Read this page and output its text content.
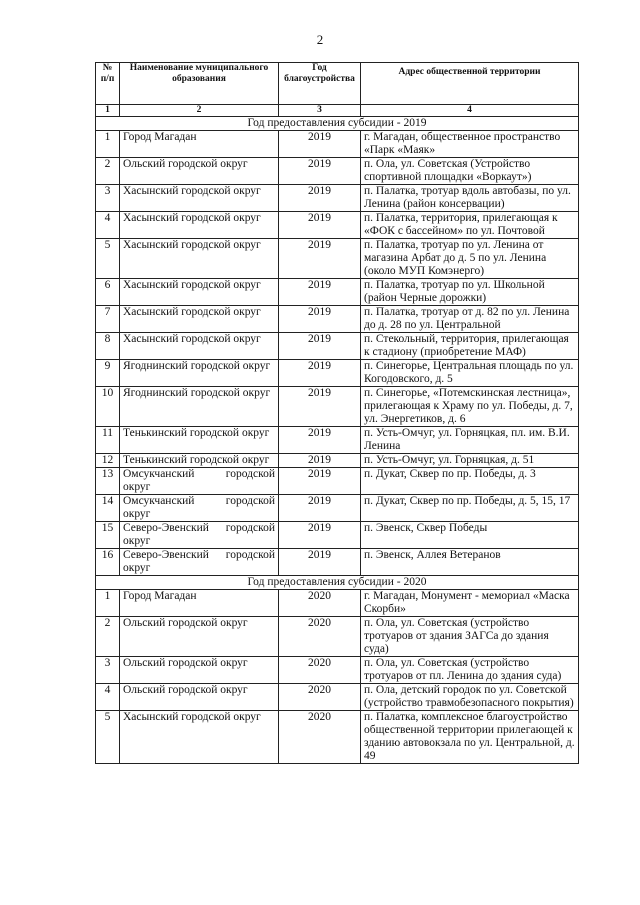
2
№ п/п	Наименование муниципального образования	Год благоустройства	Адрес общественной территории
1	2	3	4
Год предоставления субсидии - 2019			
1	Город Магадан	2019	г. Магадан, общественное пространство «Парк «Маяк»
2	Ольский городской округ	2019	п. Ола, ул. Советская (Устройство спортивной площадки «Воркаут»)
3	Хасынский городской округ	2019	п. Палатка, тротуар вдоль автобазы, по ул. Ленина (район консервации)
4	Хасынский городской округ	2019	п. Палатка, территория, прилегающая к «ФОК с бассейном» по ул. Почтовой
5	Хасынский городской округ	2019	п. Палатка, тротуар по ул. Ленина от магазина Арбат до д. 5 по ул. Ленина (около МУП Комэнерго)
6	Хасынский городской округ	2019	п. Палатка, тротуар по ул. Школьной (район Черные дорожки)
7	Хасынский городской округ	2019	п. Палатка, тротуар от д. 82 по ул. Ленина до д. 28 по ул. Центральной
8	Хасынский городской округ	2019	п. Стекольный, территория, прилегающая к стадиону (приобретение МАФ)
9	Ягоднинский городской округ	2019	п. Синегорье, Центральная площадь по ул. Когодовского, д. 5
10	Ягоднинский городской округ	2019	п. Синегорье, «Потемскинская лестница», прилегающая к Храму по ул. Победы, д. 7, ул. Энергетиков, д. 6
11	Тенькинский городской округ	2019	п. Усть-Омчуг, ул. Горняцкая, пл. им. В.И. Ленина
12	Тенькинский городской округ	2019	п. Усть-Омчуг, ул. Горняцкая, д. 51
13	Омсукчанский городской округ	2019	п. Дукат, Сквер по пр. Победы, д. 3
14	Омсукчанский городской округ	2019	п. Дукат, Сквер по пр. Победы, д. 5, 15, 17
15	Северо-Эвенский городской округ	2019	п. Эвенск, Сквер Победы
16	Северо-Эвенский городской округ	2019	п. Эвенск, Аллея Ветеранов
Год предоставления субсидии - 2020			
1	Город Магадан	2020	г. Магадан, Монумент - мемориал «Маска Скорби»
2	Ольский городской округ	2020	п. Ола, ул. Советская (устройство тротуаров от здания ЗАГСа до здания суда)
3	Ольский городской округ	2020	п. Ола, ул. Советская (устройство тротуаров от пл. Ленина до здания суда)
4	Ольский городской округ	2020	п. Ола, детский городок по ул. Советской (устройство травмобезопасного покрытия)
5	Хасынский городской округ	2020	п. Палатка, комплексное благоустройство общественной территории прилегающей к зданию автовокзала по ул. Центральной, д. 49
